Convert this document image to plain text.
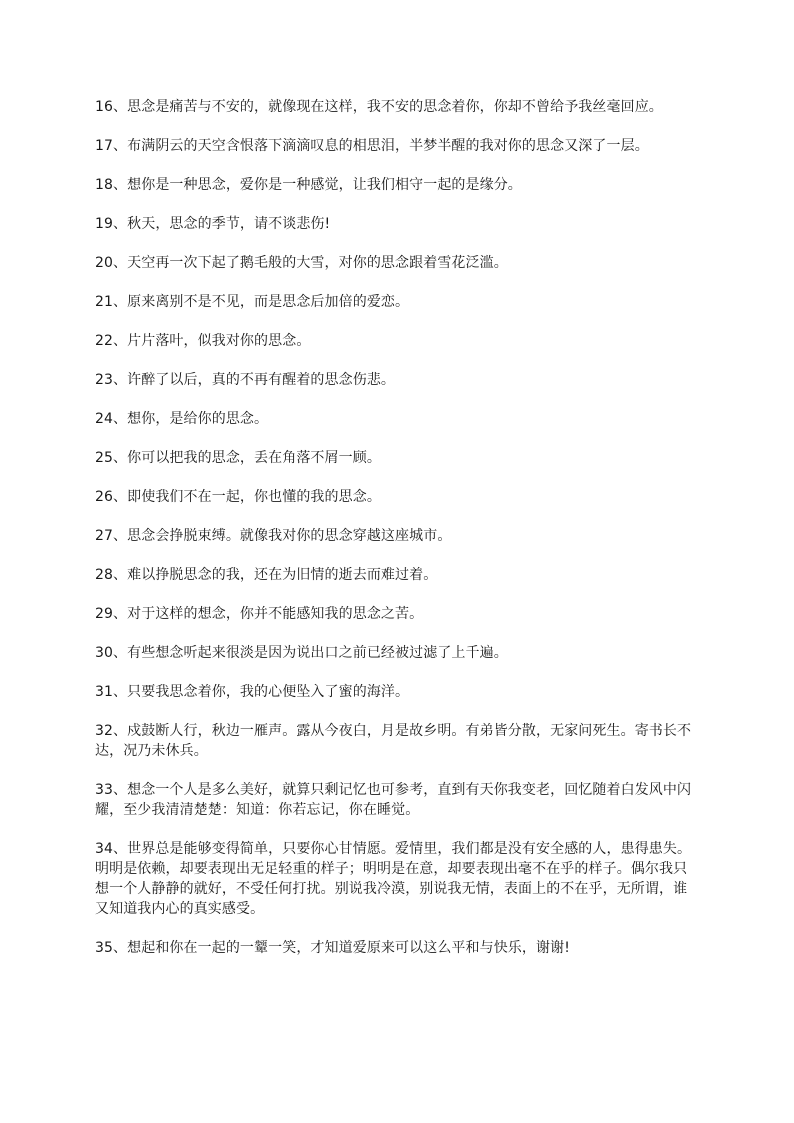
16、思念是痛苦与不安的，就像现在这样，我不安的思念着你，你却不曾给予我丝毫回应。

17、布满阴云的天空含恨落下滴滴叹息的相思泪，半梦半醒的我对你的思念又深了一层。

18、想你是一种思念，爱你是一种感觉，让我们相守一起的是缘分。

19、秋天，思念的季节，请不谈悲伤!

20、天空再一次下起了鹅毛般的大雪，对你的思念跟着雪花泛滥。

21、原来离别不是不见，而是思念后加倍的爱恋。

22、片片落叶，似我对你的思念。

23、许醉了以后，真的不再有醒着的思念伤悲。

24、想你，是给你的思念。

25、你可以把我的思念，丢在角落不屑一顾。

26、即使我们不在一起，你也懂的我的思念。

27、思念会挣脱束缚。就像我对你的思念穿越这座城市。

28、难以挣脱思念的我，还在为旧情的逝去而难过着。

29、对于这样的想念，你并不能感知我的思念之苦。

30、有些想念听起来很淡是因为说出口之前已经被过滤了上千遍。

31、只要我思念着你，我的心便坠入了蜜的海洋。

32、戍鼓断人行，秋边一雁声。露从今夜白，月是故乡明。有弟皆分散，无家问死生。寄书长不达，况乃未休兵。

33、想念一个人是多么美好，就算只剩记忆也可参考，直到有天你我变老，回忆随着白发风中闪耀，至少我清清楚楚：知道：你若忘记，你在睡觉。

34、世界总是能够变得简单，只要你心甘情愿。爱情里，我们都是没有安全感的人，患得患失。明明是依赖，却要表现出无足轻重的样子；明明是在意，却要表现出毫不在乎的样子。偶尔我只想一个人静静的就好，不受任何打扰。别说我冷漠，别说我无情，表面上的不在乎，无所谓，谁又知道我内心的真实感受。

35、想起和你在一起的一颦一笑，才知道爱原来可以这么平和与快乐，谢谢!
